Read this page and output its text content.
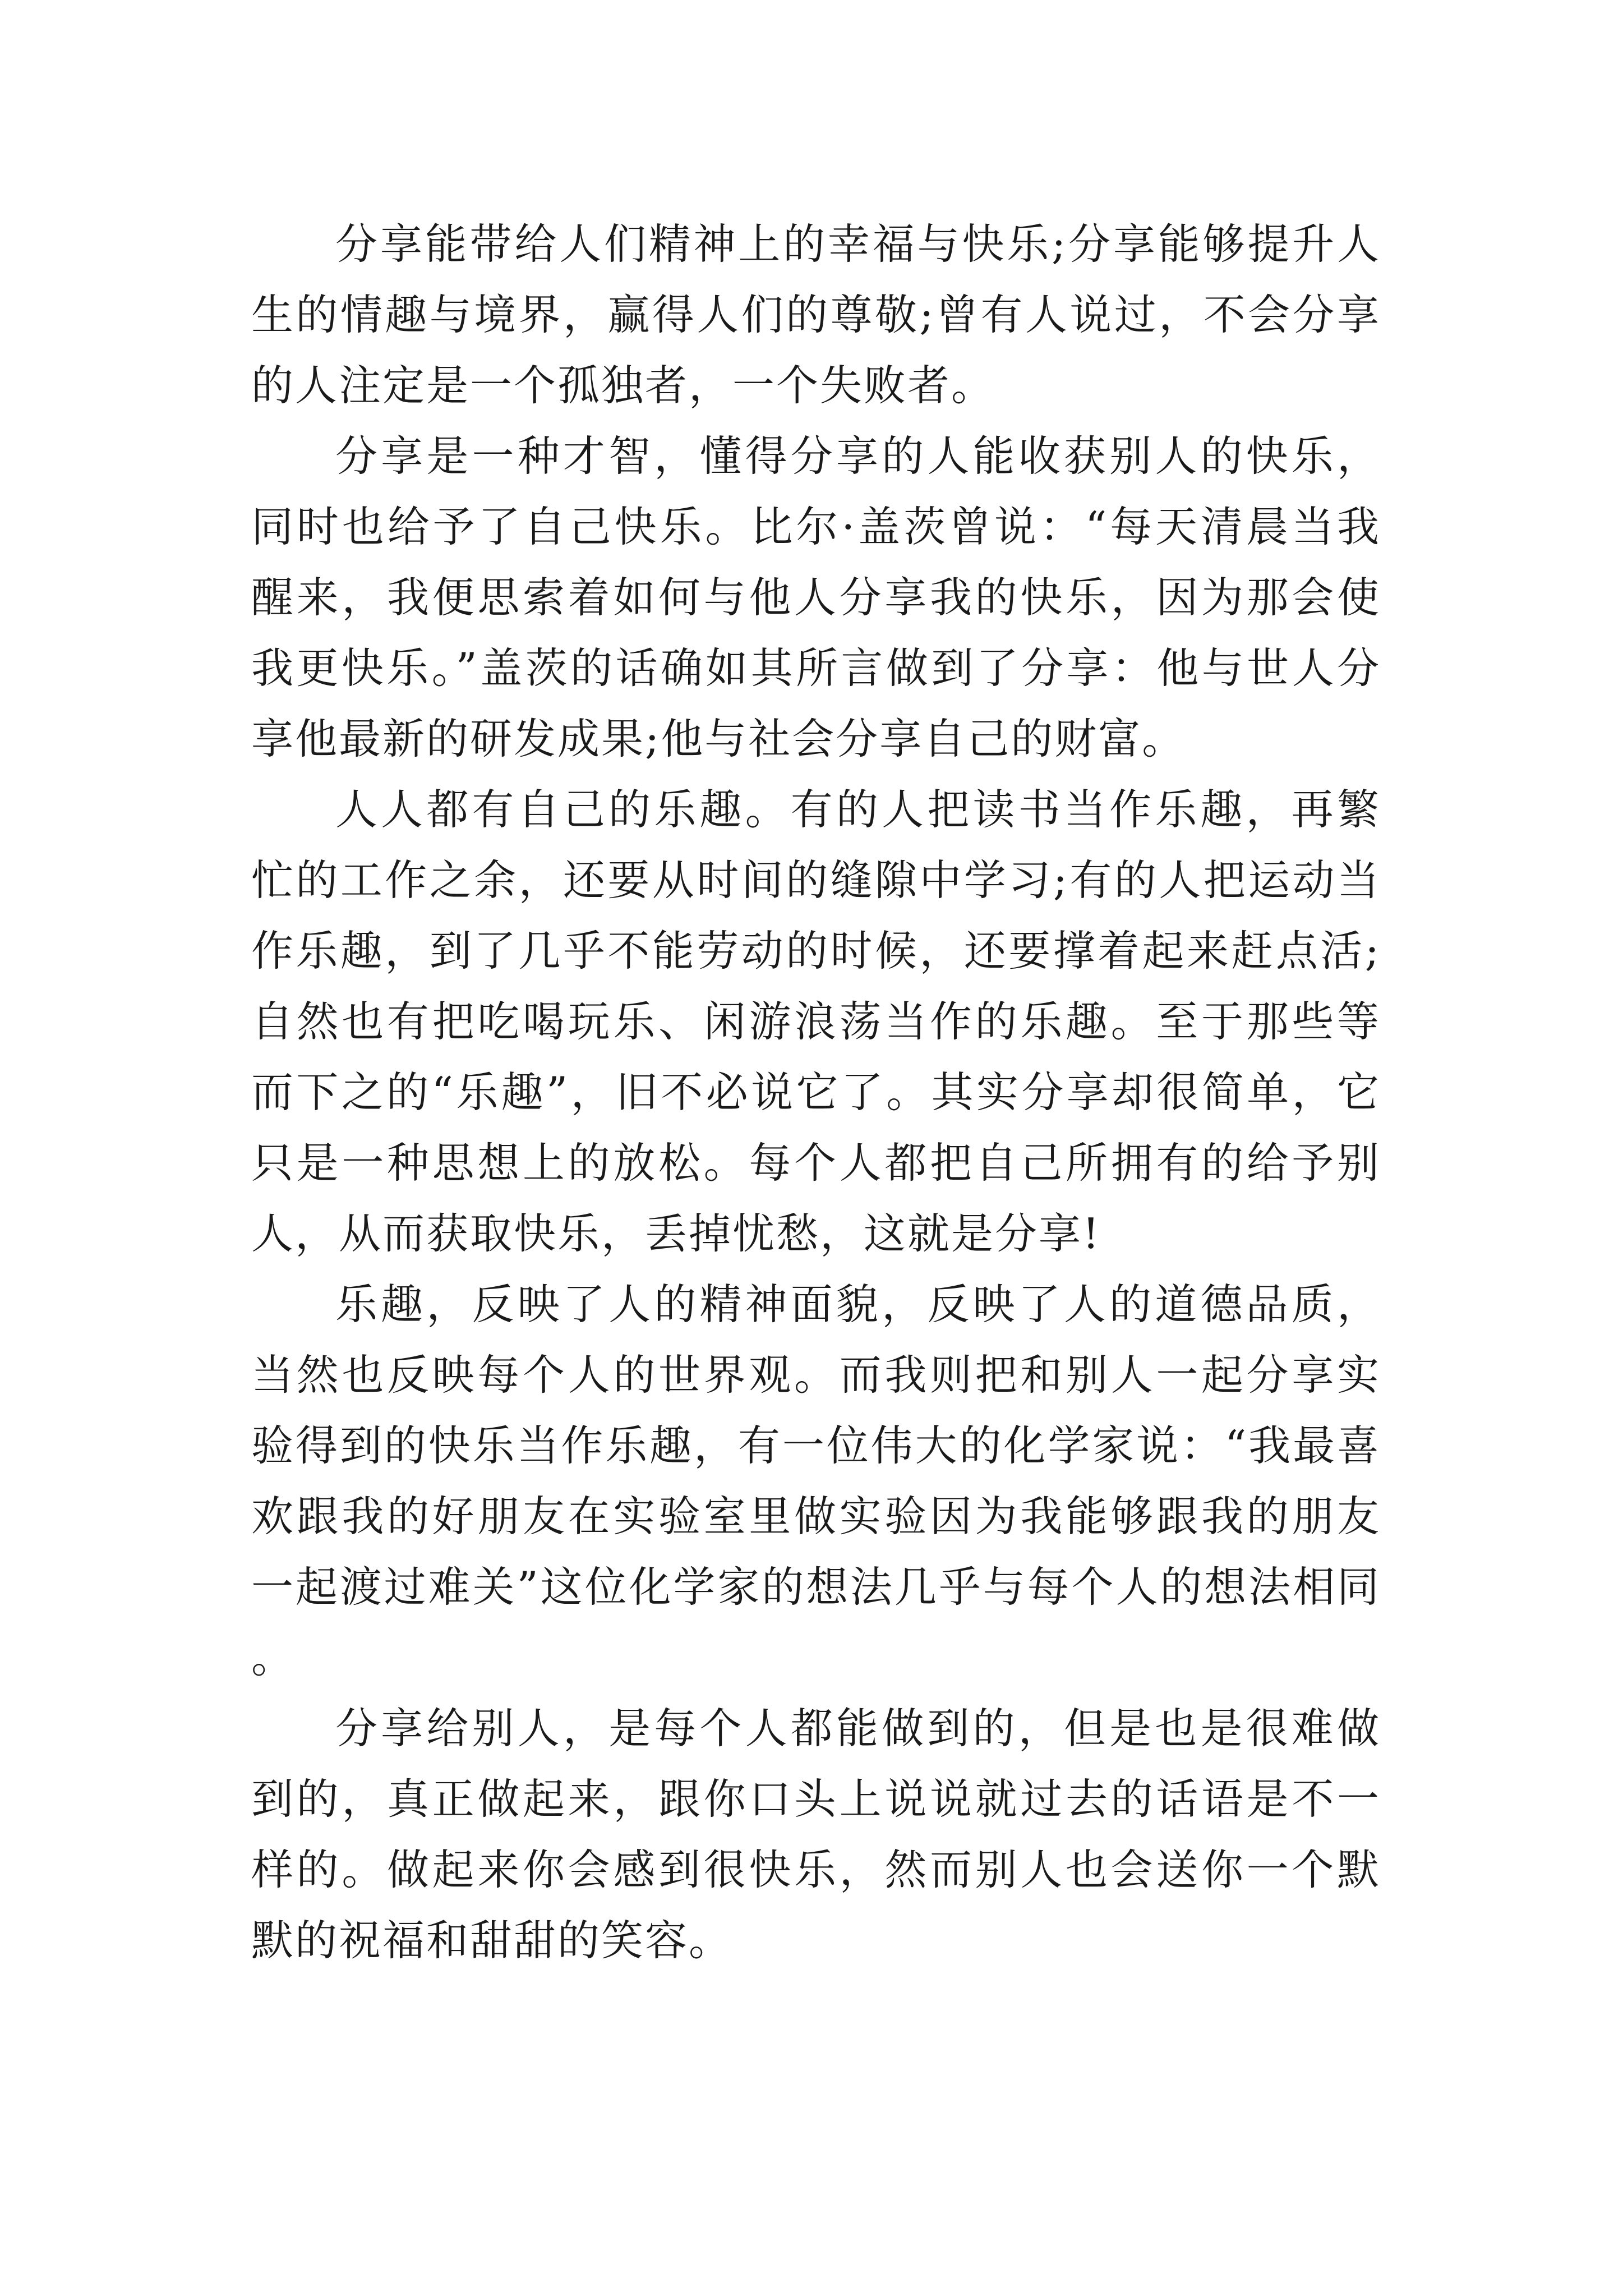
分享能带给人们精神上的幸福与快乐;分享能够提升人生的情趣与境界，赢得人们的尊敬;曾有人说过，不会分享的人注定是一个孤独者，一个失败者。

分享是一种才智，懂得分享的人能收获别人的快乐，同时也给予了自己快乐。比尔·盖茨曾说：“每天清晨当我醒来，我便思索着如何与他人分享我的快乐，因为那会使我更快乐。”盖茨的话确如其所言做到了分享：他与世人分享他最新的研发成果;他与社会分享自己的财富。

人人都有自己的乐趣。有的人把读书当作乐趣，再繁忙的工作之余，还要从时间的缝隙中学习;有的人把运动当作乐趣，到了几乎不能劳动的时候，还要撑着起来赶点活;自然也有把吃喝玩乐、闲游浪荡当作的乐趣。至于那些等而下之的“乐趣”，旧不必说它了。其实分享却很简单，它只是一种思想上的放松。每个人都把自己所拥有的给予别人，从而获取快乐，丢掉忧愁，这就是分享!

乐趣，反映了人的精神面貌，反映了人的道德品质，当然也反映每个人的世界观。而我则把和别人一起分享实验得到的快乐当作乐趣，有一位伟大的化学家说：“我最喜欢跟我的好朋友在实验室里做实验因为我能够跟我的朋友一起渡过难关”这位化学家的想法几乎与每个人的想法相同。

分享给别人，是每个人都能做到的，但是也是很难做到的，真正做起来，跟你口头上说说就过去的话语是不一样的。做起来你会感到很快乐，然而别人也会送你一个默默的祝福和甜甜的笑容。
